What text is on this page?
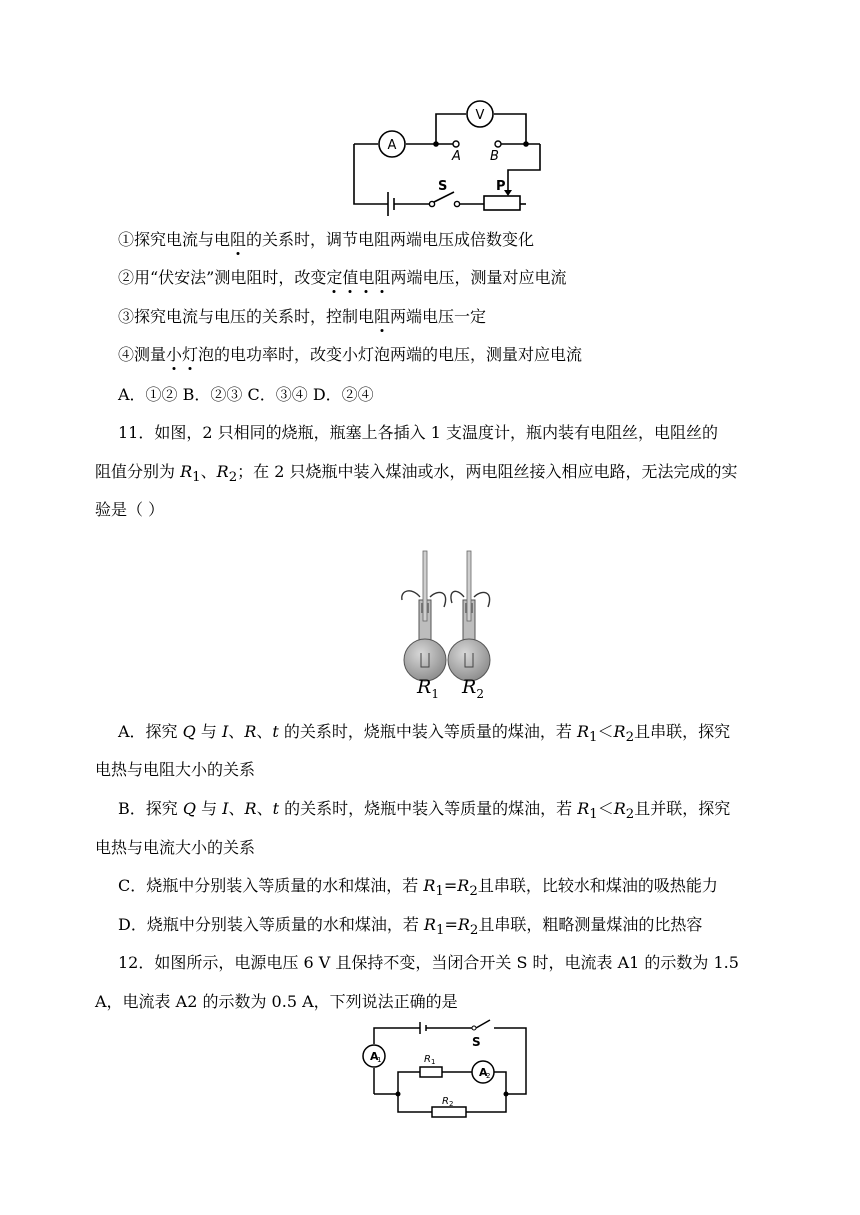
A
V
A B
S	P
①探究电流与电阻的关系时，调节电阻两端电压成倍数变化
②用“伏安法”测电阻时，改变定值电阻两端电压，测量对应电流
③探究电流与电压的关系时，控制电阻两端电压一定
④测量小灯泡的电功率时，改变小灯泡两端的电压，测量对应电流
A．①② B．②③ C．③④ D．②④
11．如图，2 只相同的烧瓶，瓶塞上各插入 1 支温度计，瓶内装有电阻丝，电阻丝的
阻值分别为 $R_1$、$R_2$；在 2 只烧瓶中装入煤油或水，两电阻丝接入相应电路，无法完成的实
验是（ ）
$R_1$ $R_2$
A．探究 Q 与 I、R、t 的关系时，烧瓶中装入等质量的煤油，若 $R_1<R_2$且串联，探究
电热与电阻大小的关系
B．探究 Q 与 I、R、t 的关系时，烧瓶中装入等质量的煤油，若 $R_1<R_2$且并联，探究
电热与电流大小的关系
C．烧瓶中分别装入等质量的水和煤油，若 $R_1=R_2$且串联，比较水和煤油的吸热能力
D．烧瓶中分别装入等质量的水和煤油，若 $R_1=R_2$且串联，粗略测量煤油的比热容
12．如图所示，电源电压 6 V 且保持不变，当闭合开关 S 时，电流表 A1 的示数为 1.5
A，电流表 A2 的示数为 0.5 A，下列说法正确的是
A
1
A
2
S
R 1
R 2
